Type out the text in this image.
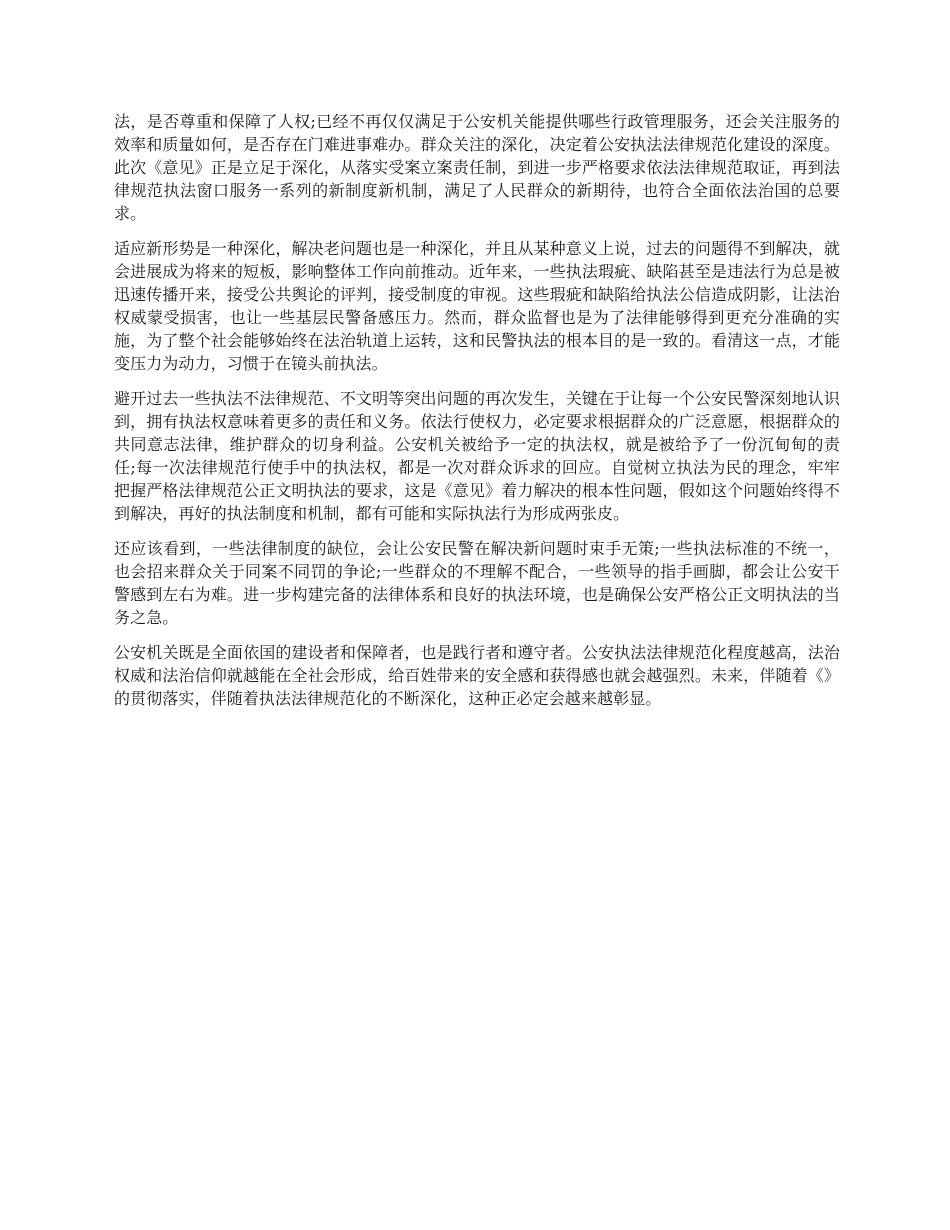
法，是否尊重和保障了人权;已经不再仅仅满足于公安机关能提供哪些行政管理服务，还会关注服务的效率和质量如何，是否存在门难进事难办。群众关注的深化，决定着公安执法法律规范化建设的深度。此次《意见》正是立足于深化，从落实受案立案责任制，到进一步严格要求依法法律规范取证，再到法律规范执法窗口服务一系列的新制度新机制，满足了人民群众的新期待，也符合全面依法治国的总要求。

适应新形势是一种深化，解决老问题也是一种深化，并且从某种意义上说，过去的问题得不到解决，就会进展成为将来的短板，影响整体工作向前推动。近年来，一些执法瑕疵、缺陷甚至是违法行为总是被迅速传播开来，接受公共舆论的评判，接受制度的审视。这些瑕疵和缺陷给执法公信造成阴影，让法治权威蒙受损害，也让一些基层民警备感压力。然而，群众监督也是为了法律能够得到更充分准确的实施，为了整个社会能够始终在法治轨道上运转，这和民警执法的根本目的是一致的。看清这一点，才能变压力为动力，习惯于在镜头前执法。

避开过去一些执法不法律规范、不文明等突出问题的再次发生，关键在于让每一个公安民警深刻地认识到，拥有执法权意味着更多的责任和义务。依法行使权力，必定要求根据群众的广泛意愿，根据群众的共同意志法律，维护群众的切身利益。公安机关被给予一定的执法权，就是被给予了一份沉甸甸的责任;每一次法律规范行使手中的执法权，都是一次对群众诉求的回应。自觉树立执法为民的理念，牢牢把握严格法律规范公正文明执法的要求，这是《意见》着力解决的根本性问题，假如这个问题始终得不到解决，再好的执法制度和机制，都有可能和实际执法行为形成两张皮。

还应该看到，一些法律制度的缺位，会让公安民警在解决新问题时束手无策;一些执法标准的不统一，也会招来群众关于同案不同罚的争论;一些群众的不理解不配合，一些领导的指手画脚，都会让公安干警感到左右为难。进一步构建完备的法律体系和良好的执法环境，也是确保公安严格公正文明执法的当务之急。

公安机关既是全面依国的建设者和保障者，也是践行者和遵守者。公安执法法律规范化程度越高，法治权威和法治信仰就越能在全社会形成，给百姓带来的安全感和获得感也就会越强烈。未来，伴随着《》的贯彻落实，伴随着执法法律规范化的不断深化，这种正必定会越来越彰显。
